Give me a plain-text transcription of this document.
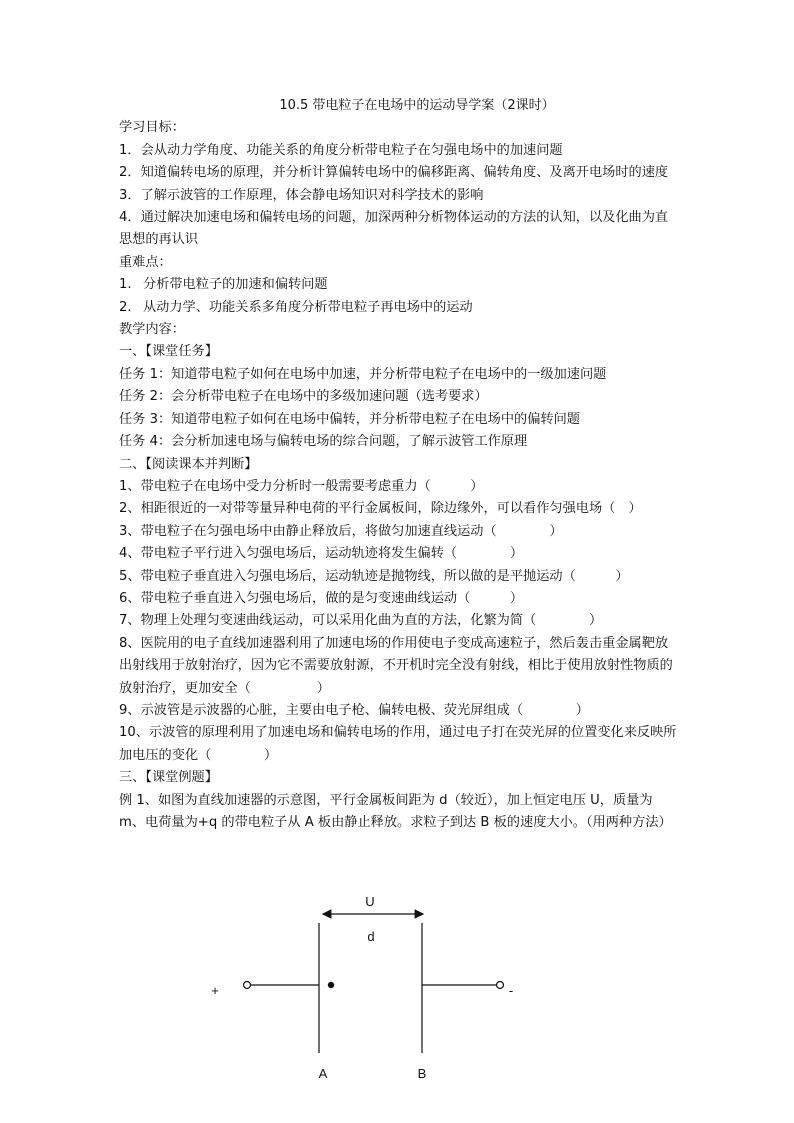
10.5 带电粒子在电场中的运动导学案（2课时）

学习目标：

1．会从动力学角度、功能关系的角度分析带电粒子在匀强电场中的加速问题

2．知道偏转电场的原理，并分析计算偏转电场中的偏移距离、偏转角度、及离开电场时的速度

3．了解示波管的工作原理，体会静电场知识对科学技术的影响

4．通过解决加速电场和偏转电场的问题，加深两种分析物体运动的方法的认知，以及化曲为直思想的再认识

重难点：

1. 分析带电粒子的加速和偏转问题

2. 从动力学、功能关系多角度分析带电粒子再电场中的运动

教学内容：

一、【课堂任务】

任务 1：知道带电粒子如何在电场中加速，并分析带电粒子在电场中的一级加速问题

任务 2：会分析带电粒子在电场中的多级加速问题（选考要求）

任务 3：知道带电粒子如何在电场中偏转，并分析带电粒子在电场中的偏转问题

任务 4：会分析加速电场与偏转电场的综合问题，了解示波管工作原理

二、【阅读课本并判断】

1、带电粒子在电场中受力分析时一般需要考虑重力（　　　）

2、相距很近的一对带等量异种电荷的平行金属板间，除边缘外，可以看作匀强电场（　）

3、带电粒子在匀强电场中由静止释放后，将做匀加速直线运动（　　　　）

4、带电粒子平行进入匀强电场后，运动轨迹将发生偏转（　　　　）

5、带电粒子垂直进入匀强电场后，运动轨迹是抛物线，所以做的是平抛运动（　　　）

6、带电粒子垂直进入匀强电场后，做的是匀变速曲线运动（　　　）

7、物理上处理匀变速曲线运动，可以采用化曲为直的方法，化繁为简（　　　　）

8、医院用的电子直线加速器利用了加速电场的作用使电子变成高速粒子，然后轰击重金属靶放出射线用于放射治疗，因为它不需要放射源，不开机时完全没有射线，相比于使用放射性物质的放射治疗，更加安全（　　　　　）

9、示波管是示波器的心脏，主要由电子枪、偏转电极、荧光屏组成（　　　　）

10、示波管的原理利用了加速电场和偏转电场的作用，通过电子打在荧光屏的位置变化来反映所加电压的变化（　　　　）

三、【课堂例题】

例 1、如图为直线加速器的示意图，平行金属板间距为 d（较近），加上恒定电压 U，质量为 m、电荷量为+q 的带电粒子从 A 板由静止释放。求粒子到达 B 板的速度大小。（用两种方法）

U
d
+	-
A	B
